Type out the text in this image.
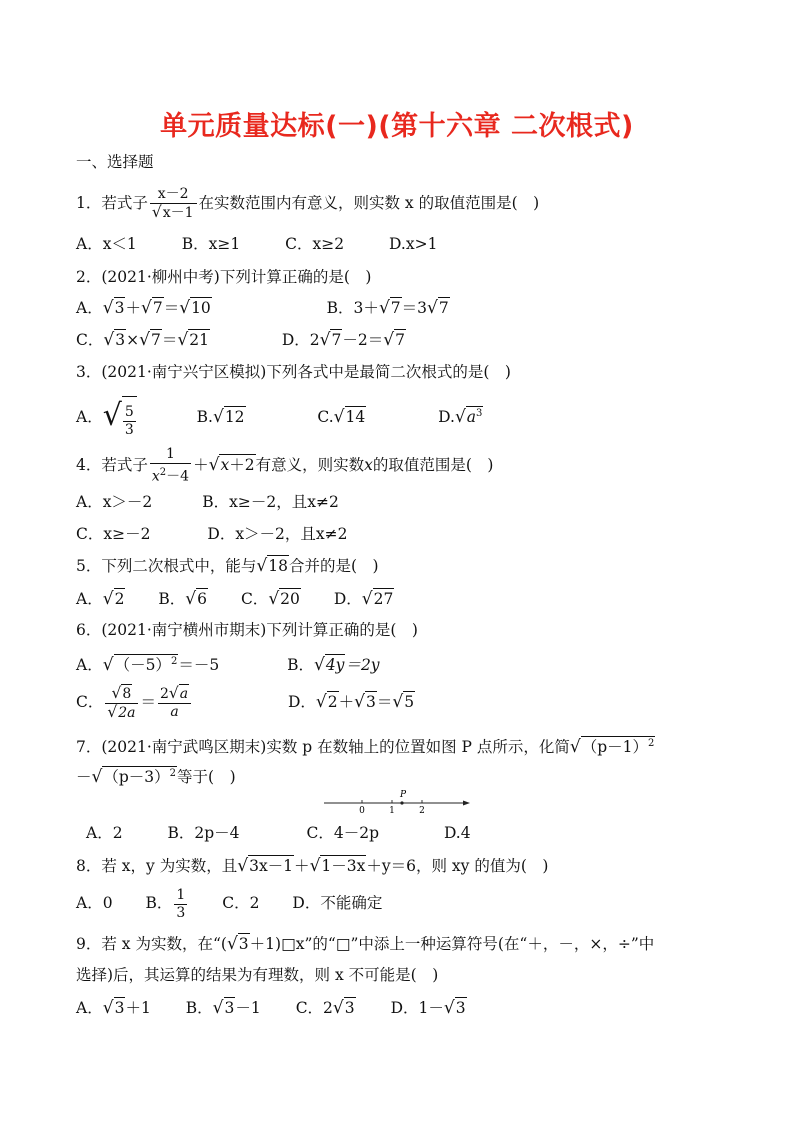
单元质量达标(一)(第十六章 二次根式)
一、选择题
1．若式子 $\frac{x-2}{√x-1}$ 在实数范围内有意义，则实数 x 的取值范围是(　)
A．x＜1	B．x≥1	C．x≥2	D.x>1
2．(2021·柳州中考)下列计算正确的是(　)
A．√3＋√7＝√10	B．3＋√7＝3√7
C．√3×√7＝√21	D．2√7－2＝√7
3．(2021·南宁兴宁区模拟)下列各式中是最简二次根式的是(　)
A．√ $\frac{5}{3}$	B.√12	C.√14	$D.√a^3$
4．若式子 $\frac{1}{x^2-4} +√x+2$有意义，则实数x的取值范围是(　)
A．x＞－2	B．x≥－2，且x≠2
C．x≥－2	D．x＞－2，且x≠2
5．下列二次根式中，能与√18合并的是(　)
A．√2 B．√6 C．√20 D．√27
6．(2021·南宁横州市期末)下列计算正确的是(　)
A．$√(-5)^2=-5$	B．√4y＝2y
C． $\frac{√8}{√2a} = \frac{2√a}{a}$	D．√2＋√3＝√5
7．(2021·南宁武鸣区期末)实数 p 在数轴上的位置如图 P 点所示，化简$√(p-1)^2$
$-√(p-3)^2$等于(　)
0	1	2
P
A．2	B．2p－4	C．4－2p	D.4
8．若 x，y 为实数，且√3x－1＋√1－3x＋y＝6，则 xy 的值为(　)
A．0 B． $\frac{1}{3}$ C．2 D．不能确定
9．若 x 为实数，在“(√3＋1)□x”的“□”中添上一种运算符号(在“＋，－，×，÷”中
选择)后，其运算的结果为有理数，则 x 不可能是(　)
A．√3＋1 B．√3－1 C．2√3 D．1－√3
